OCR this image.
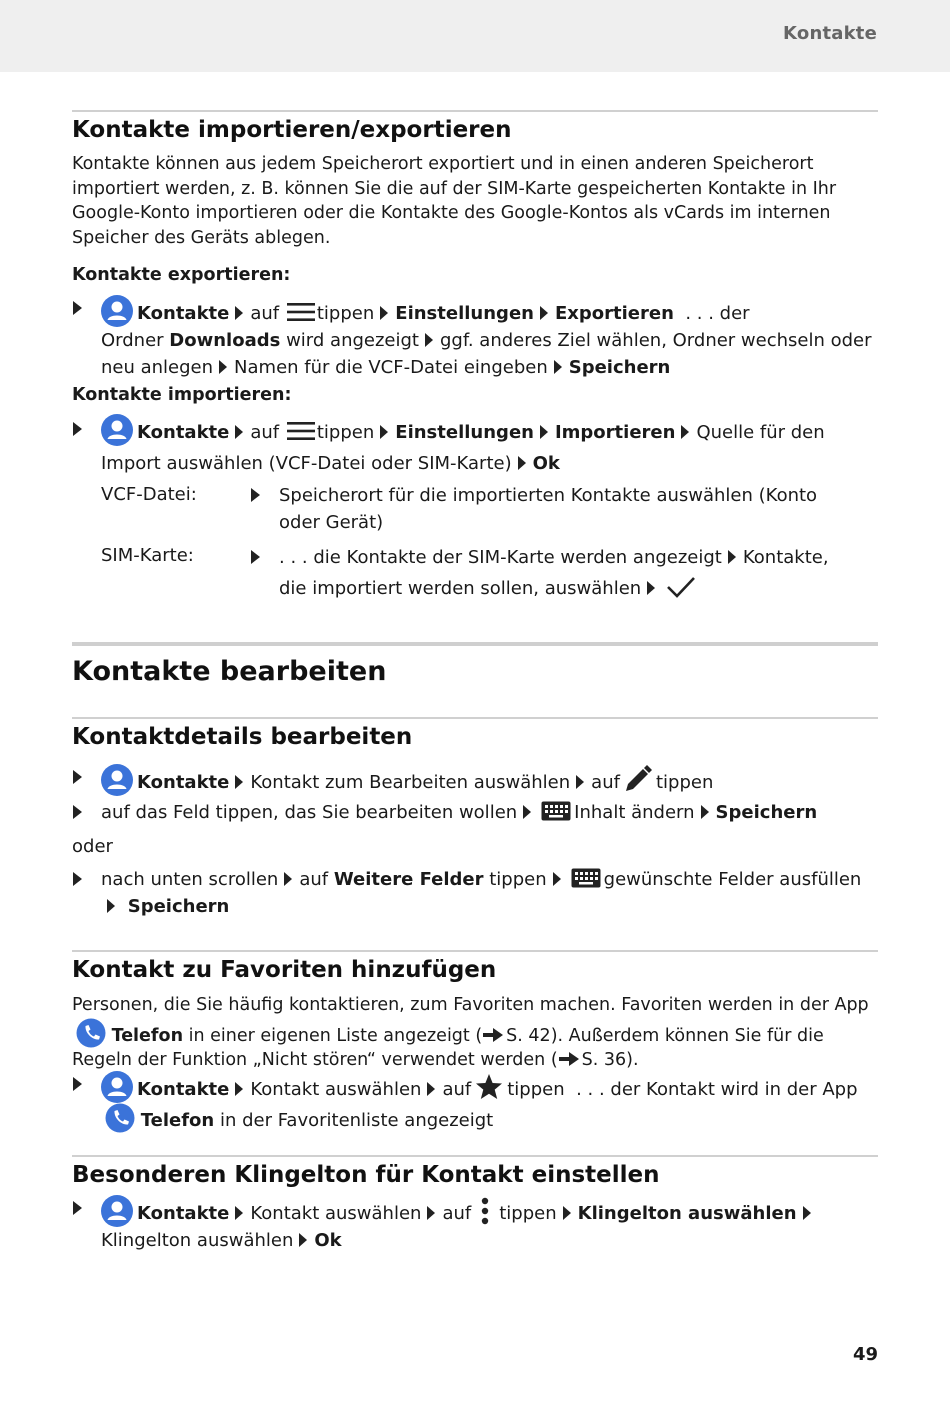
Kontakte
Kontakte importieren/exportieren

Kontakte können aus jedem Speicherort exportiert und in einen anderen Speicherort importiert werden, z. B. können Sie die auf der SIM-Karte gespeicherten Kontakte in Ihr Google-Konto importieren oder die Kontakte des Google-Kontos als vCards im internen Speicher des Geräts ablegen.

Kontakte exportieren:
Kontakte auf tippen Einstellungen Exportieren . . . der Ordner Downloads wird angezeigt ggf. anderes Ziel wählen, Ordner wechseln oder neu anlegen Namen für die VCF-Datei eingeben Speichern
Kontakte importieren:
Kontakte auf tippen Einstellungen Importieren Quelle für den Import auswählen (VCF-Datei oder SIM-Karte) Ok
VCF-Datei:	Speicherort für die importierten Kontakte auswählen (Konto oder Gerät)
SIM-Karte:	. . . die Kontakte der SIM-Karte werden angezeigt Kontakte, die importiert werden sollen, auswählen
Kontakte bearbeiten
Kontaktdetails bearbeiten
Kontakte Kontakt zum Bearbeiten auswählen auf tippen
auf das Feld tippen, das Sie bearbeiten wollen	Inhalt ändern Speichern
oder
nach unten scrollen auf Weitere Felder tippen	gewünschte Felder ausfüllen Speichern
Kontakt zu Favoriten hinzufügen

Personen, die Sie häufig kontaktieren, zum Favoriten machen. Favoriten werden in der App Telefon in einer eigenen Liste angezeigt ( S. 42). Außerdem können Sie für die Regeln der Funktion „Nicht stören“ verwendet werden ( S. 36).

Kontakte Kontakt auswählen auf tippen . . . der Kontakt wird in der App Telefon in der Favoritenliste angezeigt
Besonderen Klingelton für Kontakt einstellen
Kontakte Kontakt auswählen auf tippen Klingelton auswählenKlingelton auswählen Ok
49
